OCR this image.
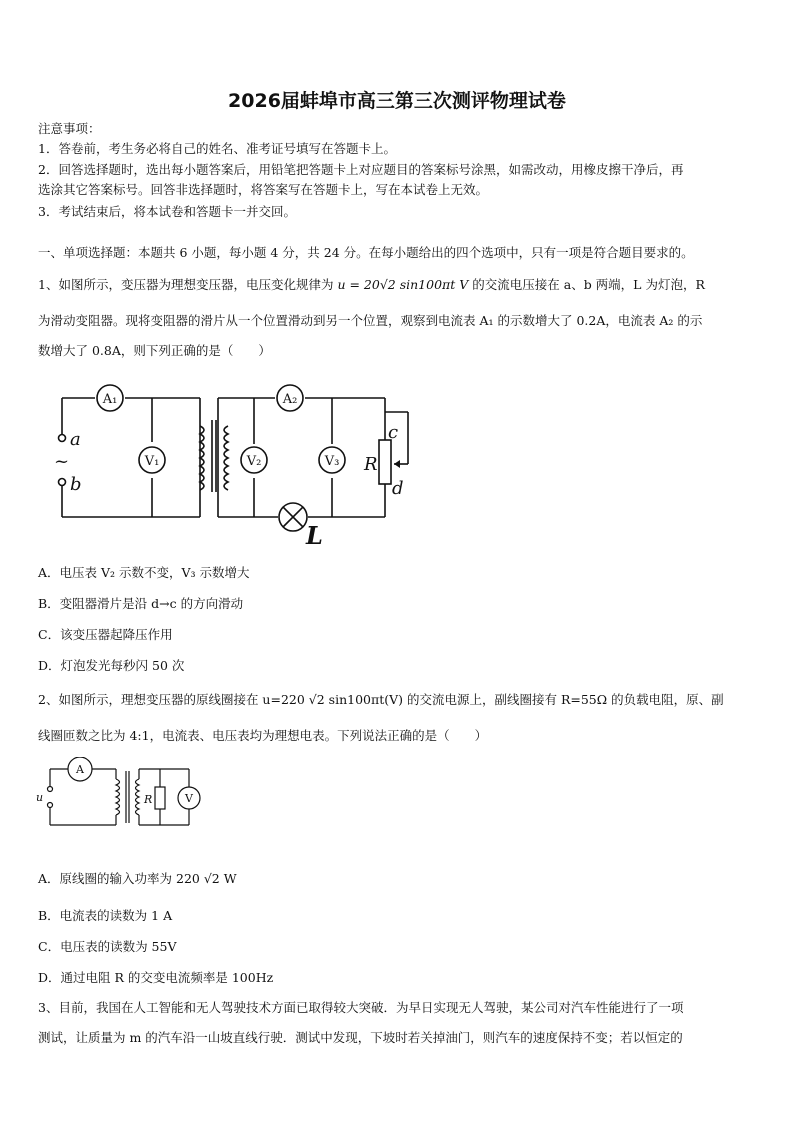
2026届蚌埠市高三第三次测评物理试卷
注意事项：
1．答卷前，考生务必将自己的姓名、准考证号填写在答题卡上。
2．回答选择题时，选出每小题答案后，用铅笔把答题卡上对应题目的答案标号涂黑，如需改动，用橡皮擦干净后，再
选涂其它答案标号。回答非选择题时，将答案写在答题卡上，写在本试卷上无效。
3．考试结束后，将本试卷和答题卡一并交回。
一、单项选择题：本题共 6 小题，每小题 4 分，共 24 分。在每小题给出的四个选项中，只有一项是符合题目要求的。
1、如图所示，变压器为理想变压器，电压变化规律为 u = 20√2 sin100πt V 的交流电压接在 a、b 两端，L 为灯泡，R
为滑动变阻器。现将变阻器的滑片从一个位置滑动到另一个位置，观察到电流表 A₁ 的示数增大了 0.2A，电流表 A₂ 的示
数增大了 0.8A，则下列正确的是（　　）
A₁	A₂
V₁	V₂	V₃
a
~
b
c
d
R
L
A．电压表 V₂ 示数不变，V₃ 示数增大
B．变阻器滑片是沿 d→c 的方向滑动
C．该变压器起降压作用
D．灯泡发光每秒闪 50 次
2、如图所示，理想变压器的原线圈接在 u=220 √2 sin100πt(V) 的交流电源上，副线圈接有 R=55Ω 的负载电阻，原、副
线圈匝数之比为 4:1，电流表、电压表均为理想电表。下列说法正确的是（　　）
A
V
R
u
A．原线圈的输入功率为 220 √2 W
B．电流表的读数为 1 A
C．电压表的读数为 55V
D．通过电阻 R 的交变电流频率是 100Hz
3、目前，我国在人工智能和无人驾驶技术方面已取得较大突破．为早日实现无人驾驶，某公司对汽车性能进行了一项
测试，让质量为 m 的汽车沿一山坡直线行驶．测试中发现，下坡时若关掉油门，则汽车的速度保持不变；若以恒定的
